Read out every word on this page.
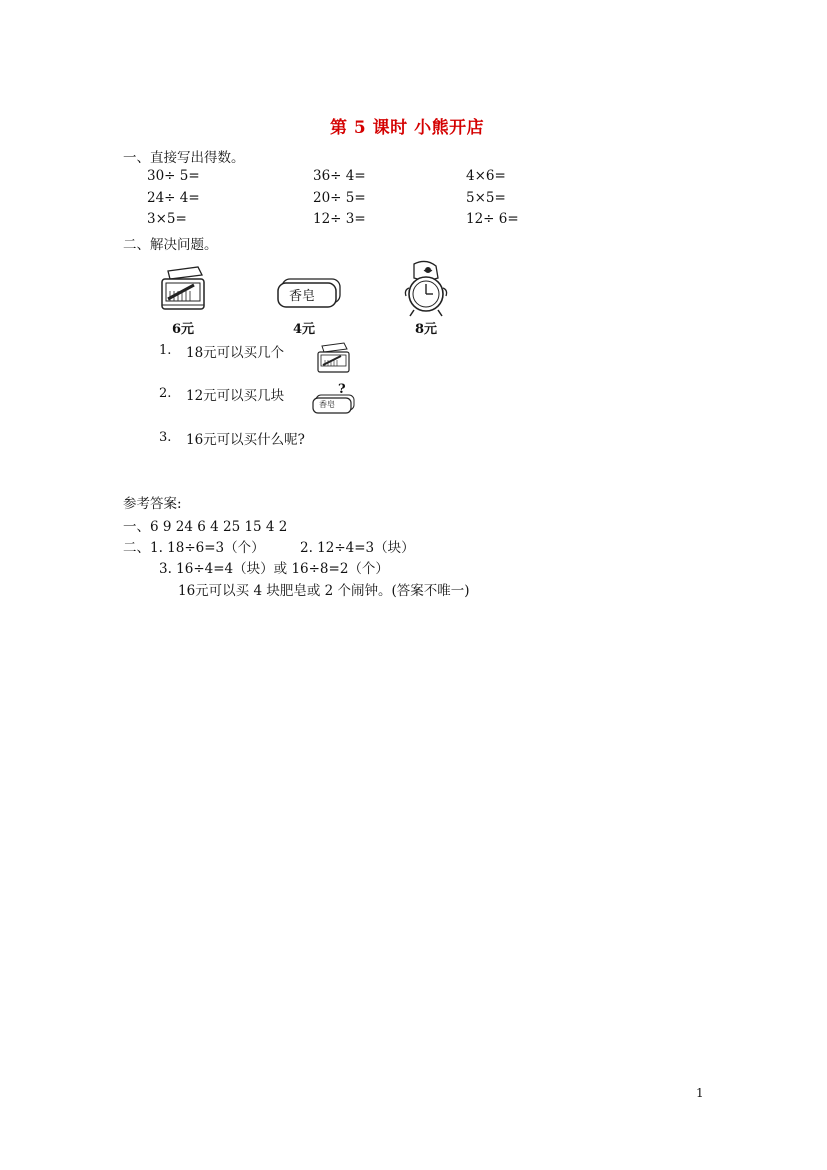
第 5 课时 小熊开店
一、直接写出得数。
30÷ 5=	36÷ 4=	4×6=
24÷ 4=	20÷ 5=	5×5=
3×5=	12÷ 3=	12÷ 6=
二、解决问题。
6元
香皂
4元	8元
1. 18元可以买几个
2. 12元可以买几块
香皂
?
3. 16元可以买什么呢?
参考答案:
一、6 9 24 6 4 25 15 4 2
二、1. 18÷6=3（个）	2. 12÷4=3（块）
3. 16÷4=4（块）或 16÷8=2（个）
16元可以买 4 块肥皂或 2 个闹钟。(答案不唯一)
1
